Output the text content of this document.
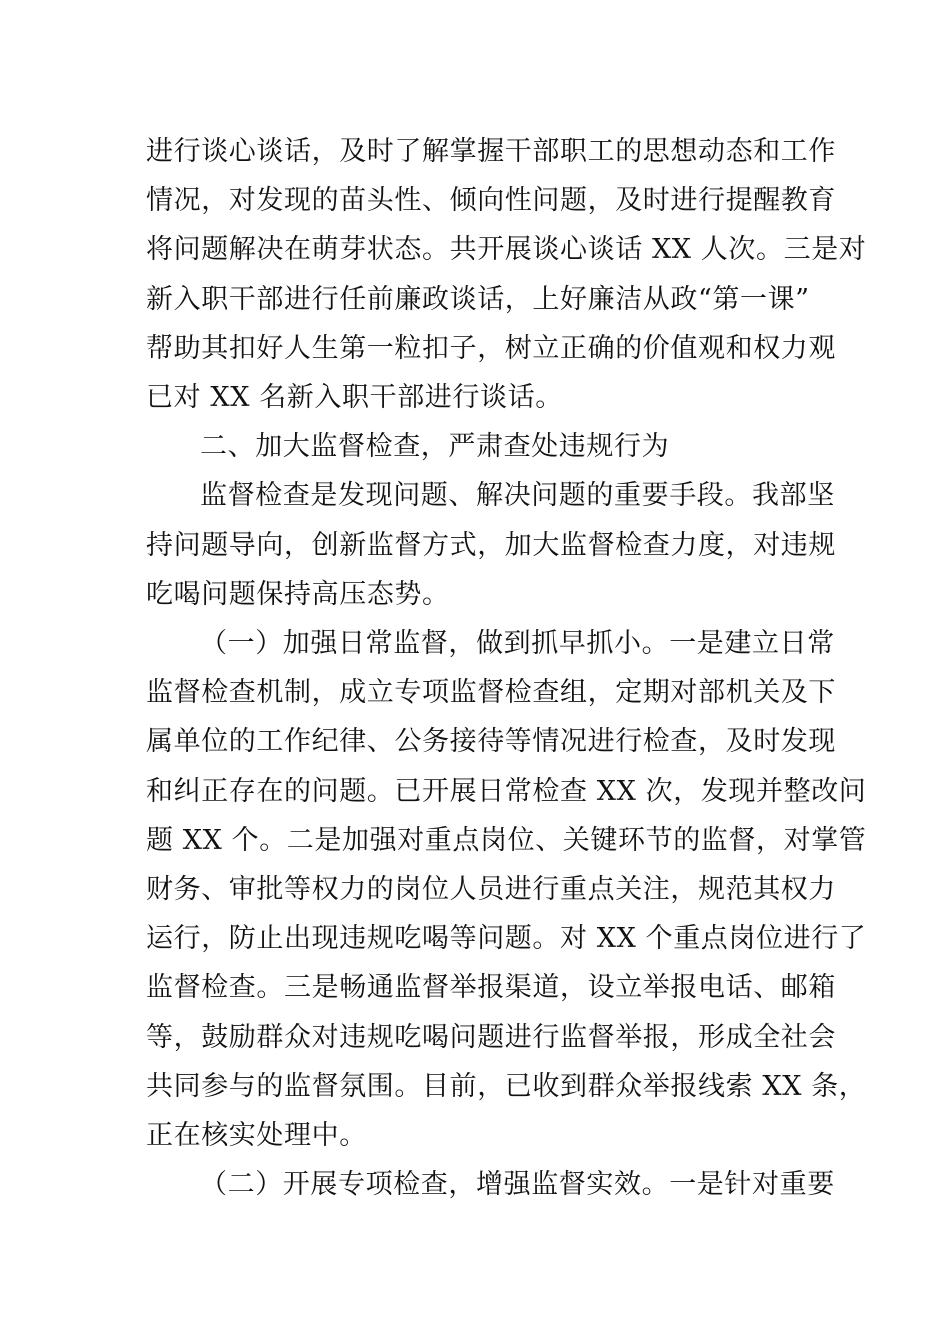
进行谈心谈话，及时了解掌握干部职工的思想动态和工作
情况，对发现的苗头性、倾向性问题，及时进行提醒教育
将问题解决在萌芽状态。共开展谈心谈话 XX 人次。三是对
新入职干部进行任前廉政谈话，上好廉洁从政“第一课”
帮助其扣好人生第一粒扣子，树立正确的价值观和权力观
已对 XX 名新入职干部进行谈话。
二、加大监督检查，严肃查处违规行为
监督检查是发现问题、解决问题的重要手段。我部坚
持问题导向，创新监督方式，加大监督检查力度，对违规
吃喝问题保持高压态势。
（一）加强日常监督，做到抓早抓小。一是建立日常
监督检查机制，成立专项监督检查组，定期对部机关及下
属单位的工作纪律、公务接待等情况进行检查，及时发现
和纠正存在的问题。已开展日常检查 XX 次，发现并整改问
题 XX 个。二是加强对重点岗位、关键环节的监督，对掌管
财务、审批等权力的岗位人员进行重点关注，规范其权力
运行，防止出现违规吃喝等问题。对 XX 个重点岗位进行了
监督检查。三是畅通监督举报渠道，设立举报电话、邮箱
等，鼓励群众对违规吃喝问题进行监督举报，形成全社会
共同参与的监督氛围。目前，已收到群众举报线索 XX 条，
正在核实处理中。
（二）开展专项检查，增强监督实效。一是针对重要
